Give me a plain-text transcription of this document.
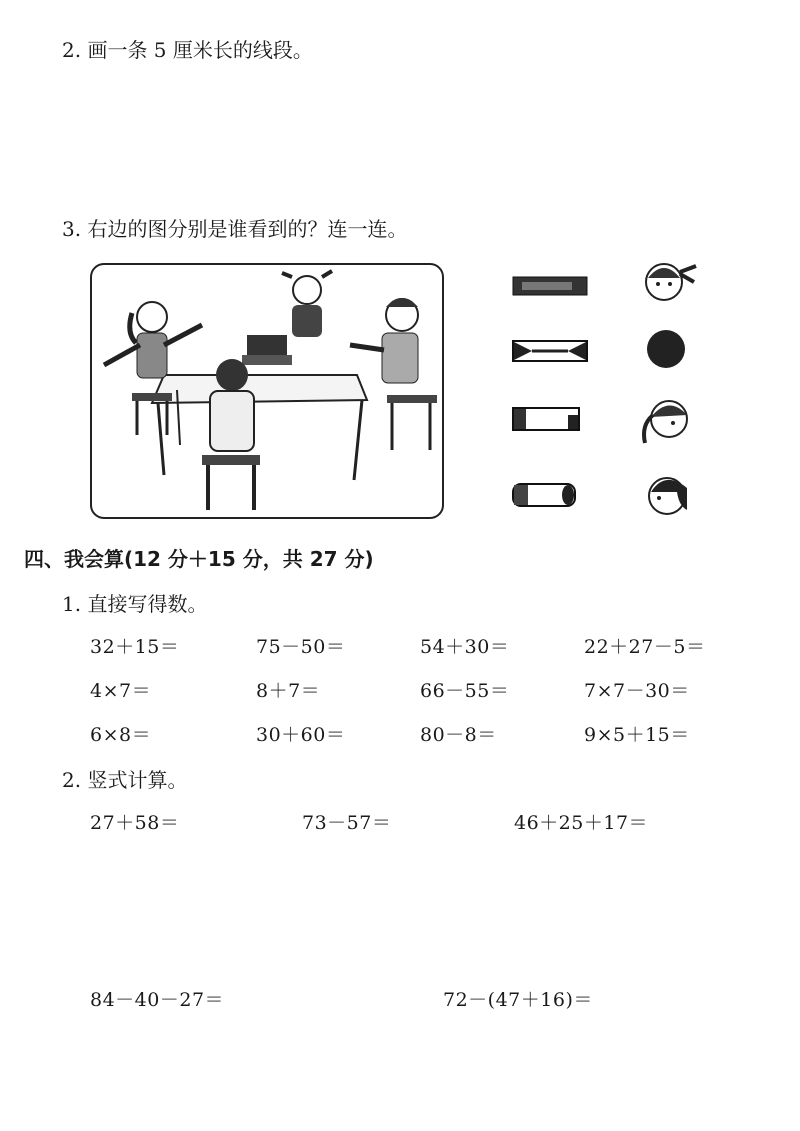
2. 画一条 5 厘米长的线段。
3. 右边的图分别是谁看到的？连一连。
四、我会算(12 分＋15 分，共 27 分)
1. 直接写得数。
32＋15＝	75－50＝	54＋30＝	22＋27－5＝
4×7＝	8＋7＝	66－55＝	7×7－30＝
6×8＝	30＋60＝	80－8＝	9×5＋15＝
2. 竖式计算。
27＋58＝	73－57＝	46＋25＋17＝
84－40－27＝	72－(47＋16)＝
